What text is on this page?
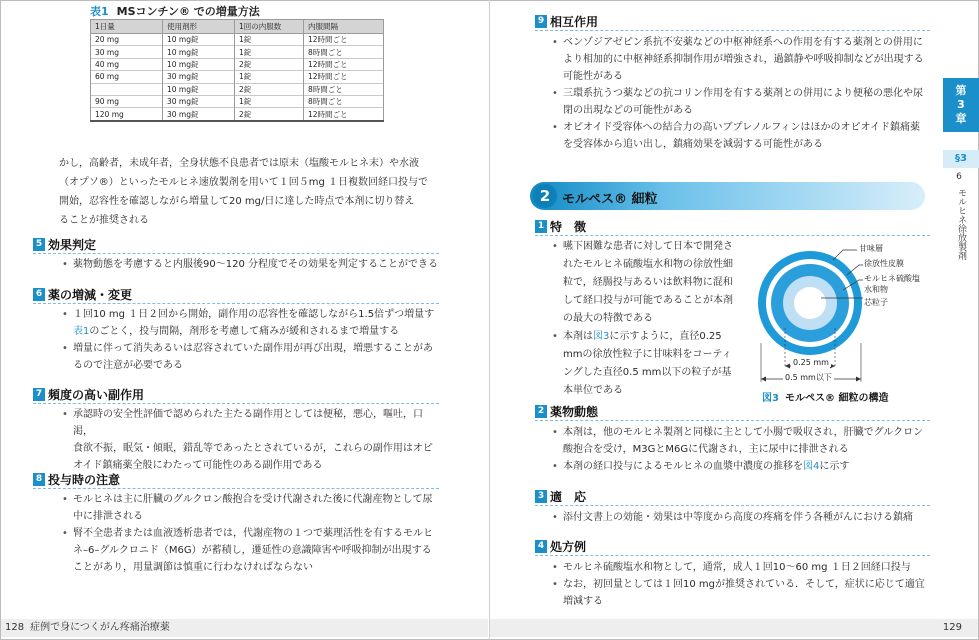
表1 MSコンチン® での増量方法
1日量	使用剤形	1回の内服数	内服間隔
20 mg	10 mg錠	1錠	12時間ごと
30 mg	10 mg錠	1錠	8時間ごと
40 mg	10 mg錠	2錠	12時間ごと
60 mg	30 mg錠	1錠	12時間ごと
	10 mg錠	2錠	8時間ごと
90 mg	30 mg錠	1錠	8時間ごと
120 mg	30 mg錠	2錠	12時間ごと

かし，高齢者，未成年者，全身状態不良患者では原末（塩酸モルヒネ末）や水液

（オプソ®）といったモルヒネ速放製剤を用いて１回５mg １日複数回経口投与で

開始，忍容性を確認しながら増量して20 mg/日に達した時点で本剤に切り替え

ることが推奨される

5 効果判定

• 薬物動態を考慮すると内服後90～120 分程度でその効果を判定することができる

6 薬の増減・変更

• １回10 mg １日２回から開始，副作用の忍容性を確認しながら1.5倍ずつ増量す

表1のごとく，投与間隔，剤形を考慮して痛みが緩和されるまで増量する

• 増量に伴って消失あるいは忍容されていた副作用が再び出現，増悪することがあ

るので注意が必要である

7 頻度の高い副作用

• 承認時の安全性評価で認められた主たる副作用としては便秘，悪心，嘔吐，口渇，

食欲不振，眠気・傾眠，錯乱等であったとされているが，これらの副作用はオピ

オイド鎮痛薬全般にわたって可能性のある副作用である

8 投与時の注意

• モルヒネは主に肝臓のグルクロン酸抱合を受け代謝された後に代謝産物として尿

中に排泄される

• 腎不全患者または血液透析患者では，代謝産物の１つで薬理活性を有するモルヒ

ネ–6–グルクロニド（M6G）が蓄積し，遷延性の意識障害や呼吸抑制が出現する

ことがあり，用量調節は慎重に行わなければならない

9 相互作用

• ベンゾジアゼピン系抗不安薬などの中枢神経系への作用を有する薬剤との併用に

より相加的に中枢神経系抑制作用が増強され，過鎮静や呼吸抑制などが出現する

可能性がある

• 三環系抗うつ薬などの抗コリン作用を有する薬剤との併用により便秘の悪化や尿

閉の出現などの可能性がある

• オピオイド受容体への結合力の高いブプレノルフィンはほかのオピオイド鎮痛薬

を受容体から追い出し，鎮痛効果を減弱する可能性がある

2 モルペス® 細粒
1 特　徴

• 嚥下困難な患者に対して日本で開発さ

れたモルヒネ硫酸塩水和物の徐放性細

粒で，経腸投与あるいは飲料物に混和

して経口投与が可能であることが本剤

の最大の特徴である

• 本剤は図3に示すように，直径0.25

mmの徐放性粒子に甘味料をコーティ

ングした直径0.5 mm以下の粒子が基

本単位である

甘味層
徐放性皮膜
モルヒネ硫酸塩
水和物
芯粒子
0.25 mm
0.5 mm以下
図3 モルペス® 細粒の構造
2 薬物動態

• 本剤は，他のモルヒネ製剤と同様に主として小腸で吸収され，肝臓でグルクロン

酸抱合を受け，M3GとM6Gに代謝され，主に尿中に排泄される

• 本剤の経口投与によるモルヒネの血漿中濃度の推移を図4に示す

3 適　応

• 添付文書上の効能・効果は中等度から高度の疼痛を伴う各種がんにおける鎮痛

4 処方例

• モルヒネ硫酸塩水和物として，通常，成人１回10～60 mg １日２回経口投与

• なお，初回量としては１回10 mgが推奨されている．そして，症状に応じて適宜

増減する

第
3
章
§3
6
モルヒネ徐放製剤
128 症例で身につくがん疼痛治療薬	129
